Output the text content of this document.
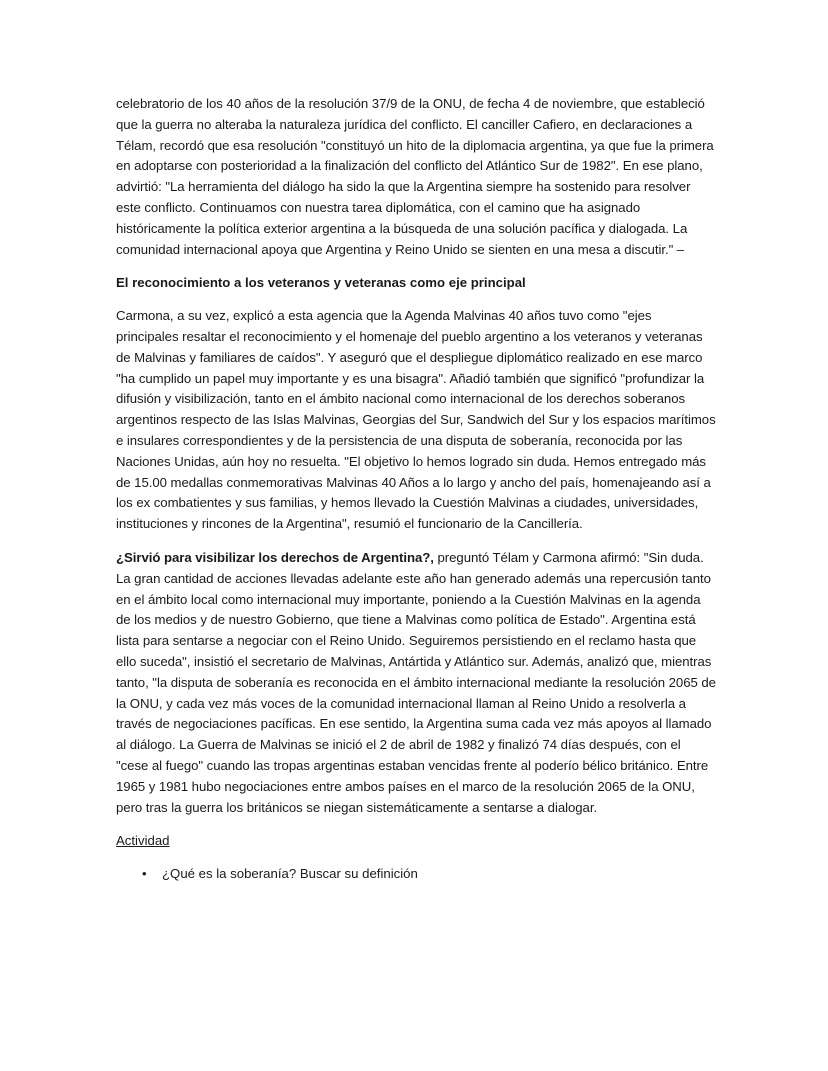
celebratorio de los 40 años de la resolución 37/9 de la ONU, de fecha 4 de noviembre, que estableció que la guerra no alteraba la naturaleza jurídica del conflicto. El canciller Cafiero, en declaraciones a Télam, recordó que esa resolución "constituyó un hito de la diplomacia argentina, ya que fue la primera en adoptarse con posterioridad a la finalización del conflicto del Atlántico Sur de 1982". En ese plano, advirtió: "La herramienta del diálogo ha sido la que la Argentina siempre ha sostenido para resolver este conflicto. Continuamos con nuestra tarea diplomática, con el camino que ha asignado históricamente la política exterior argentina a la búsqueda de una solución pacífica y dialogada. La comunidad internacional apoya que Argentina y Reino Unido se sienten en una mesa a discutir." –

El reconocimiento a los veteranos y veteranas como eje principal

Carmona, a su vez, explicó a esta agencia que la Agenda Malvinas 40 años tuvo como "ejes principales resaltar el reconocimiento y el homenaje del pueblo argentino a los veteranos y veteranas de Malvinas y familiares de caídos". Y aseguró que el despliegue diplomático realizado en ese marco "ha cumplido un papel muy importante y es una bisagra". Añadió también que significó "profundizar la difusión y visibilización, tanto en el ámbito nacional como internacional de los derechos soberanos argentinos respecto de las Islas Malvinas, Georgias del Sur, Sandwich del Sur y los espacios marítimos e insulares correspondientes y de la persistencia de una disputa de soberanía, reconocida por las Naciones Unidas, aún hoy no resuelta. "El objetivo lo hemos logrado sin duda. Hemos entregado más de 15.00 medallas conmemorativas Malvinas 40 Años a lo largo y ancho del país, homenajeando así a los ex combatientes y sus familias, y hemos llevado la Cuestión Malvinas a ciudades, universidades, instituciones y rincones de la Argentina", resumió el funcionario de la Cancillería.

¿Sirvió para visibilizar los derechos de Argentina?, preguntó Télam y Carmona afirmó: "Sin duda. La gran cantidad de acciones llevadas adelante este año han generado además una repercusión tanto en el ámbito local como internacional muy importante, poniendo a la Cuestión Malvinas en la agenda de los medios y de nuestro Gobierno, que tiene a Malvinas como política de Estado". Argentina está lista para sentarse a negociar con el Reino Unido. Seguiremos persistiendo en el reclamo hasta que ello suceda", insistió el secretario de Malvinas, Antártida y Atlántico sur. Además, analizó que, mientras tanto, "la disputa de soberanía es reconocida en el ámbito internacional mediante la resolución 2065 de la ONU, y cada vez más voces de la comunidad internacional llaman al Reino Unido a resolverla a través de negociaciones pacíficas. En ese sentido, la Argentina suma cada vez más apoyos al llamado al diálogo. La Guerra de Malvinas se inició el 2 de abril de 1982 y finalizó 74 días después, con el "cese al fuego" cuando las tropas argentinas estaban vencidas frente al poderío bélico británico. Entre 1965 y 1981 hubo negociaciones entre ambos países en el marco de la resolución 2065 de la ONU, pero tras la guerra los británicos se niegan sistemáticamente a sentarse a dialogar.

Actividad

• ¿Qué es la soberanía? Buscar su definición
